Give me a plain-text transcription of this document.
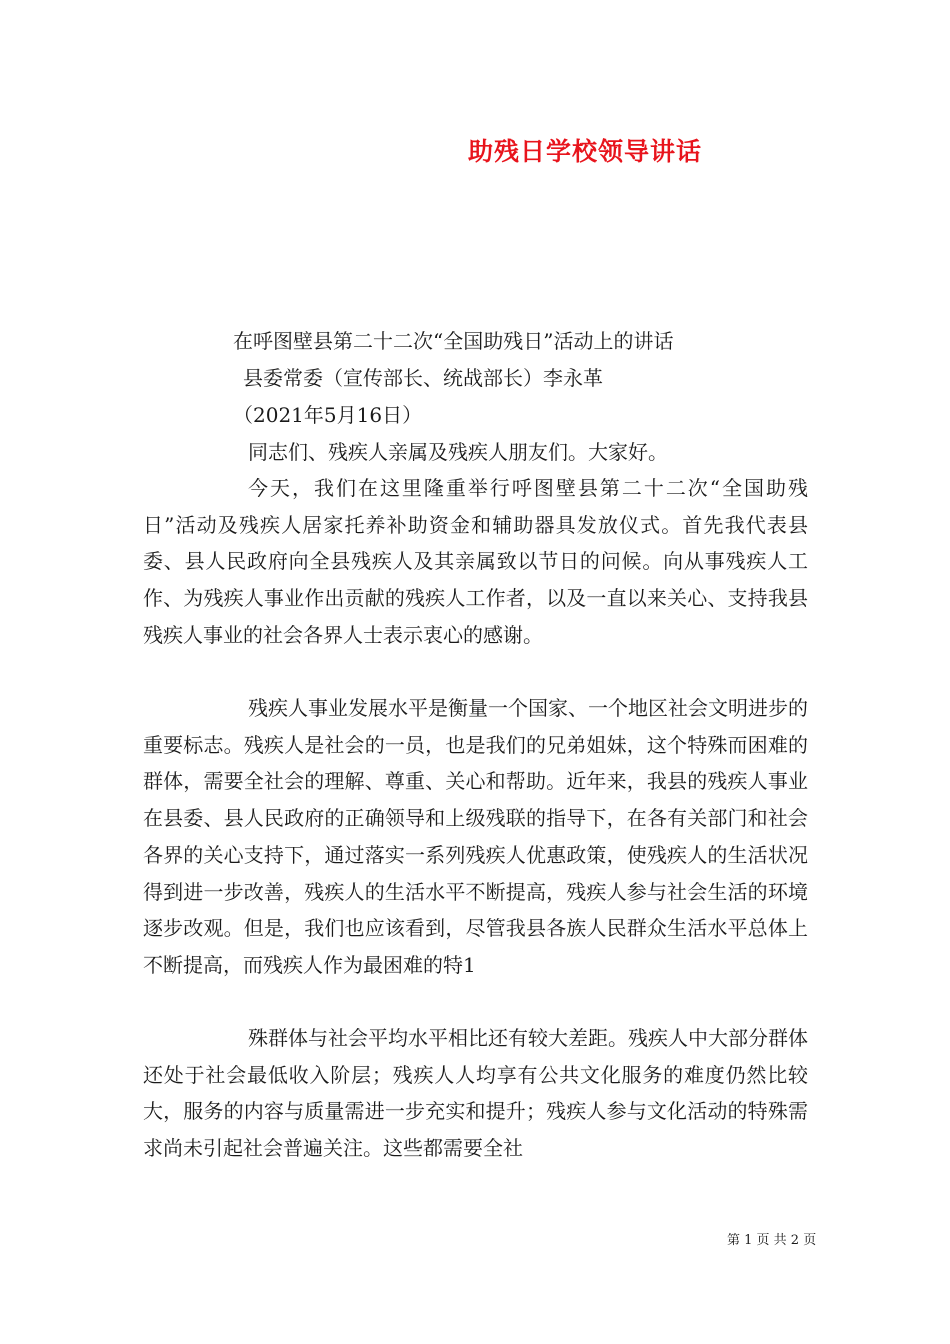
助残日学校领导讲话

在呼图壁县第二十二次“全国助残日”活动上的讲话

县委常委（宣传部长、统战部长）李永革

（2021年5月16日）

同志们、残疾人亲属及残疾人朋友们。大家好。

今天，我们在这里隆重举行呼图壁县第二十二次“全国助残日”活动及残疾人居家托养补助资金和辅助器具发放仪式。首先我代表县委、县人民政府向全县残疾人及其亲属致以节日的问候。向从事残疾人工作、为残疾人事业作出贡献的残疾人工作者，以及一直以来关心、支持我县残疾人事业的社会各界人士表示衷心的感谢。

残疾人事业发展水平是衡量一个国家、一个地区社会文明进步的重要标志。残疾人是社会的一员，也是我们的兄弟姐妹，这个特殊而困难的群体，需要全社会的理解、尊重、关心和帮助。近年来，我县的残疾人事业在县委、县人民政府的正确领导和上级残联的指导下，在各有关部门和社会各界的关心支持下，通过落实一系列残疾人优惠政策，使残疾人的生活状况得到进一步改善，残疾人的生活水平不断提高，残疾人参与社会生活的环境逐步改观。但是，我们也应该看到，尽管我县各族人民群众生活水平总体上不断提高，而残疾人作为最困难的特1

殊群体与社会平均水平相比还有较大差距。残疾人中大部分群体还处于社会最低收入阶层；残疾人人均享有公共文化服务的难度仍然比较大，服务的内容与质量需进一步充实和提升；残疾人参与文化活动的特殊需求尚未引起社会普遍关注。这些都需要全社

第 1 页 共 2 页
